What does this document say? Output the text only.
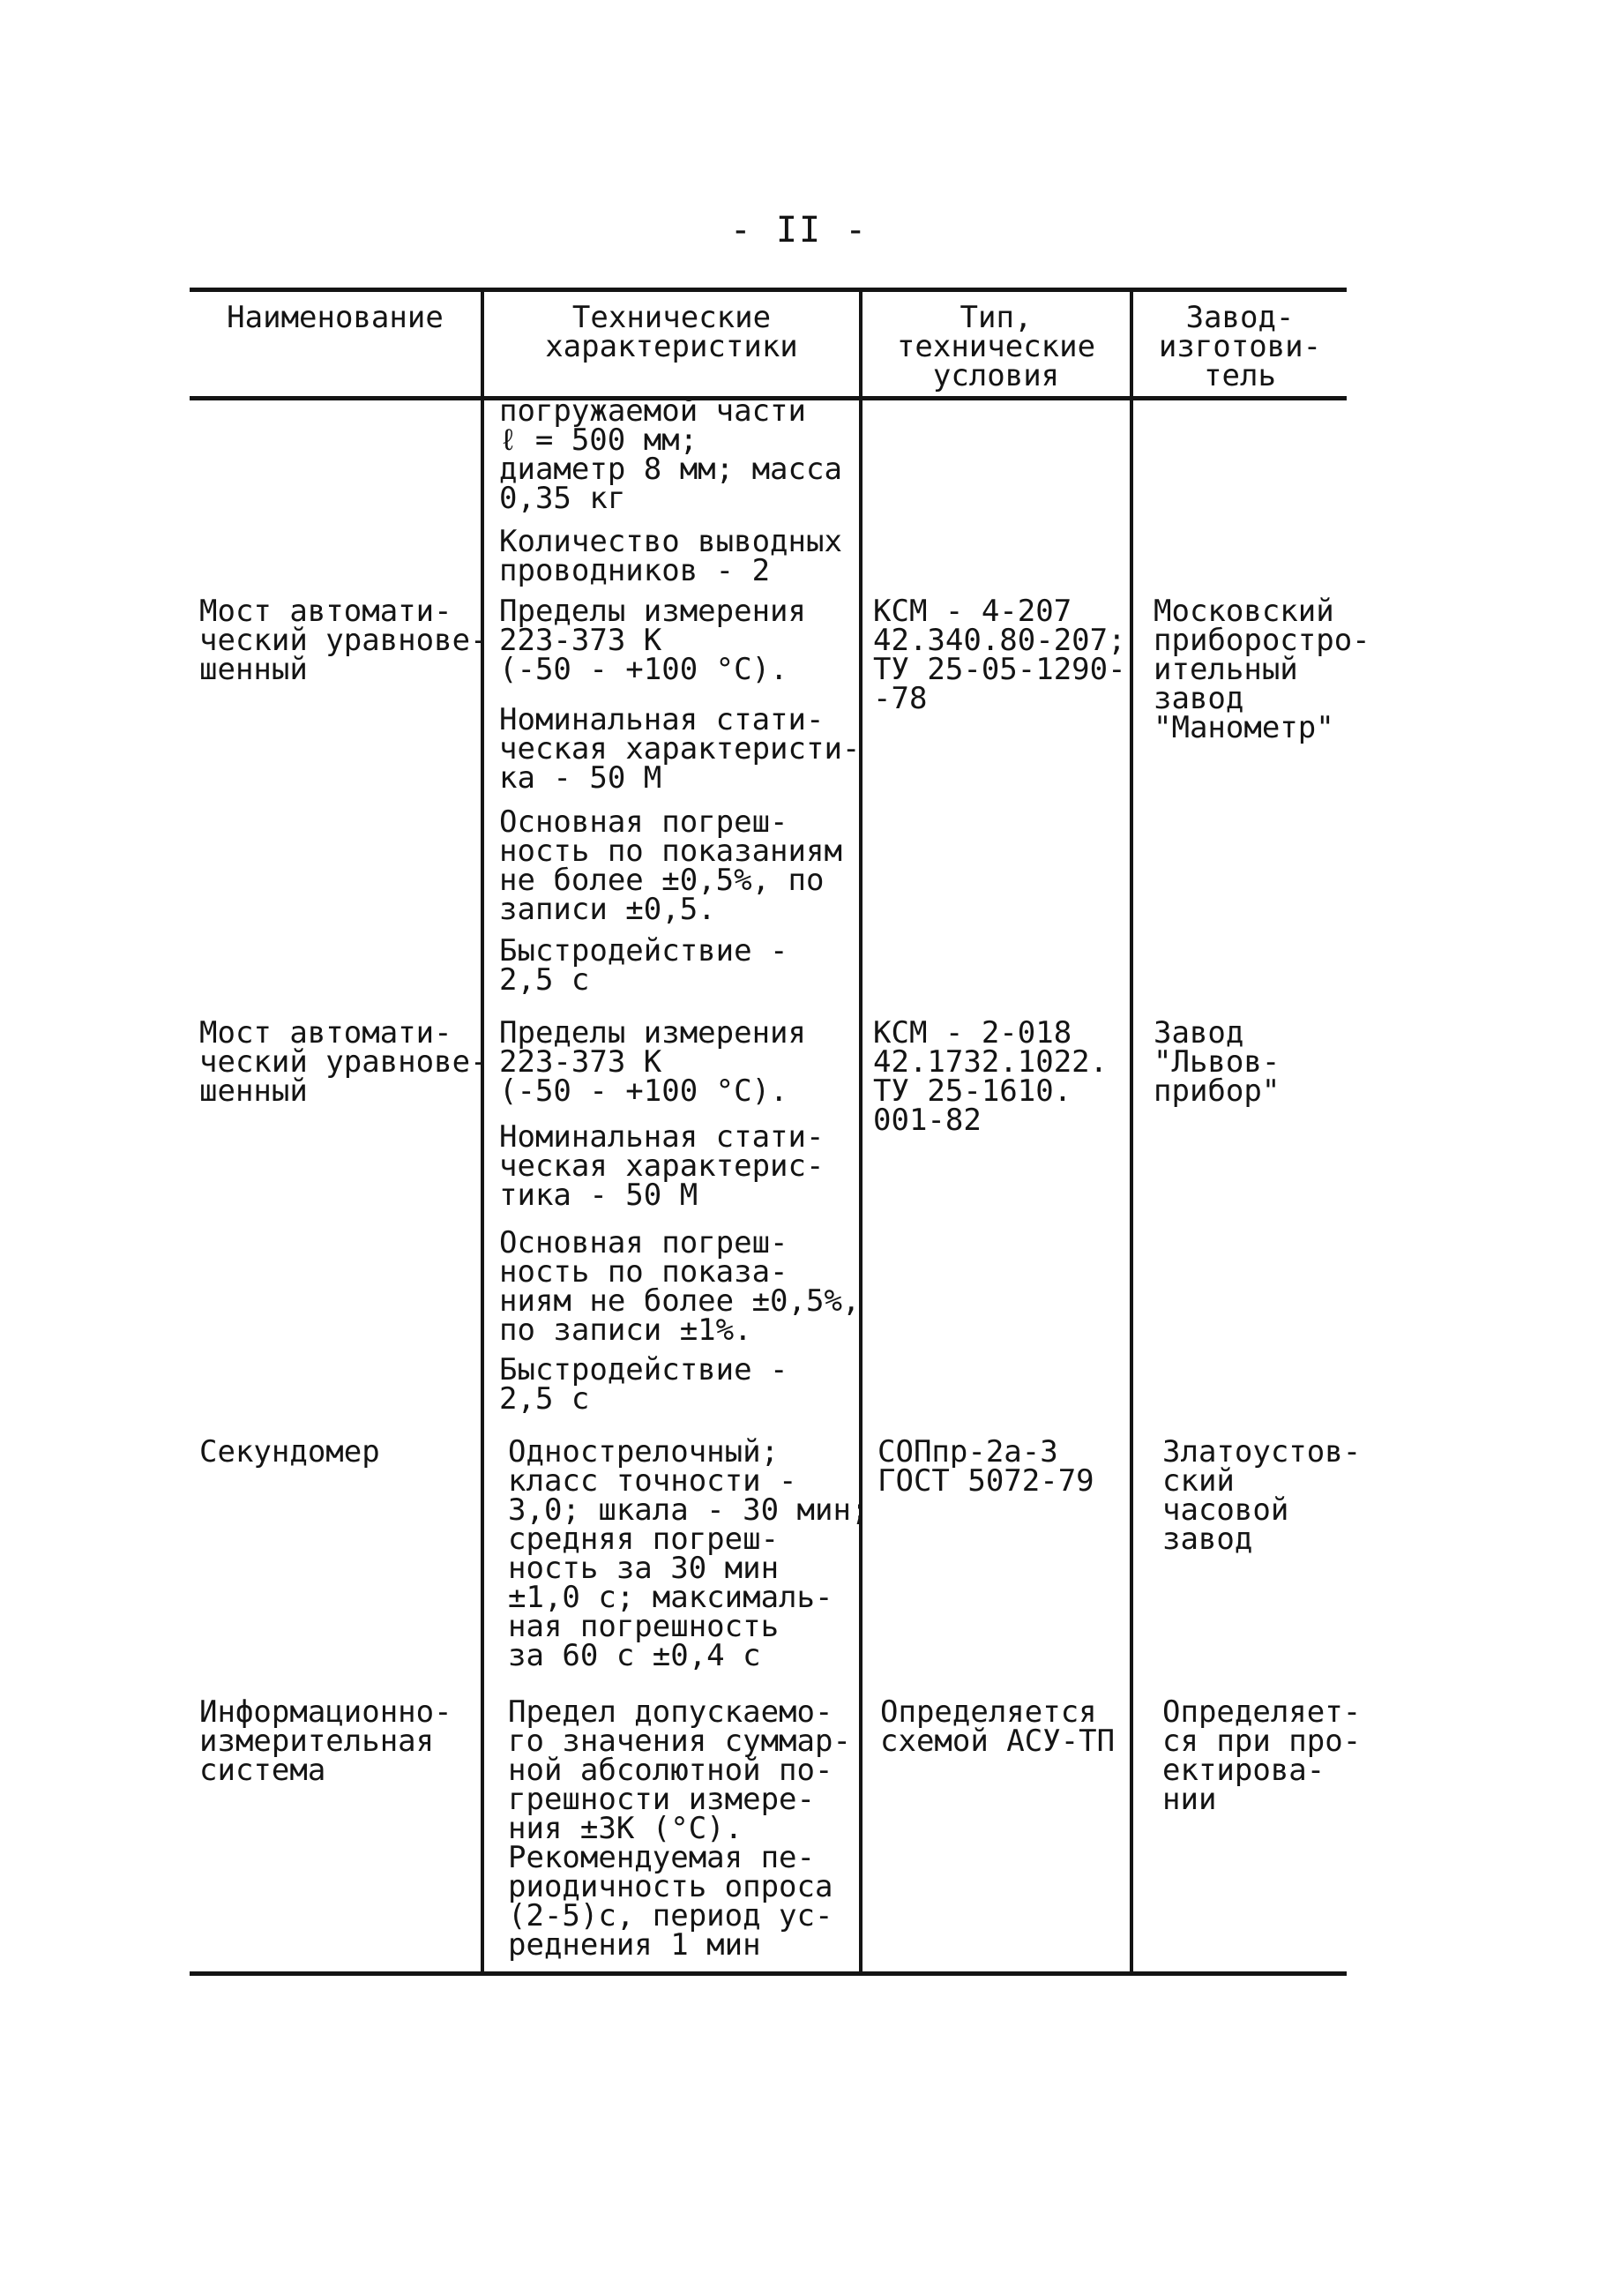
- II -
Наименование	Технические
характеристики
Тип,
технические
условия
Завод-
изготови-
тель
погружаемой части
ℓ = 500 мм;
диаметр 8 мм; масса
0,35 кг
Количество выводных
проводников - 2
Мост автомати-
ческий уравнове-
шенный
Пределы измерения
223-373 К
(-50 - +100 °С).
Номинальная стати-
ческая характеристи-
ка - 50 М
Основная погреш-
ность по показаниям
не более ±0,5%, по
записи ±0,5.
Быстродействие -
2,5 с
КСМ - 4-207
42.340.80-207;
ТУ 25-05-1290-
-78
Московский
приборостро-
ительный
завод
"Манометр"
Мост автомати-
ческий уравнове-
шенный
Пределы измерения
223-373 К
(-50 - +100 °С).
Номинальная стати-
ческая характерис-
тика - 50 М
Основная погреш-
ность по показа-
ниям не более ±0,5%,
по записи ±1%.
Быстродействие -
2,5 с
КСМ - 2-018
42.1732.1022.
ТУ 25-1610.
001-82
Завод
"Львов-
прибор"
Секундомер	Однострелочный;
класс точности -
3,0; шкала - 30 мин;
средняя погреш-
ность за 30 мин
±1,0 с; максималь-
ная погрешность
за 60 с ±0,4 с
СОПпр-2а-3
ГОСТ 5072-79
Златоустов-
ский
часовой
завод
Информационно-
измерительная
система
Предел допускаемо-
го значения суммар-
ной абсолютной по-
грешности измере-
ния ±3К (°С).
Рекомендуемая пе-
риодичность опроса
(2-5)с, период ус-
реднения 1 мин
Определяется
схемой АСУ-ТП
Определяет-
ся при про-
ектирова-
нии
